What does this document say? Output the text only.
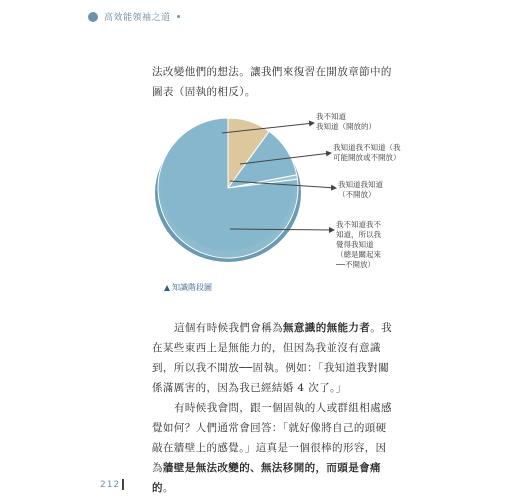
高效能領袖之道

法改變他們的想法。讓我們來復習在開放章節中的圖表（固執的相反）。

我不知道
我知道（開放的）
我知道我不知道（我
可能開放或不開放）
我知道我知道
（不開放）
我不知道我不
知道，所以我
覺得我知道
（總是關起來
──不開放）
知識階段圖

這個有時候我們會稱為無意識的無能力者。我在某些東西上是無能力的，但因為我並沒有意識到，所以我不開放──固執。例如：「我知道我對關係滿厲害的，因為我已經結婚 4 次了。」

有時候我會問，跟一個固執的人或群組相處感覺如何？人們通常會回答：「就好像將自己的頭硬敲在牆壁上的感覺。」這真是一個很棒的形容，因為牆壁是無法改變的、無法移開的，而頭是會痛的。

212
